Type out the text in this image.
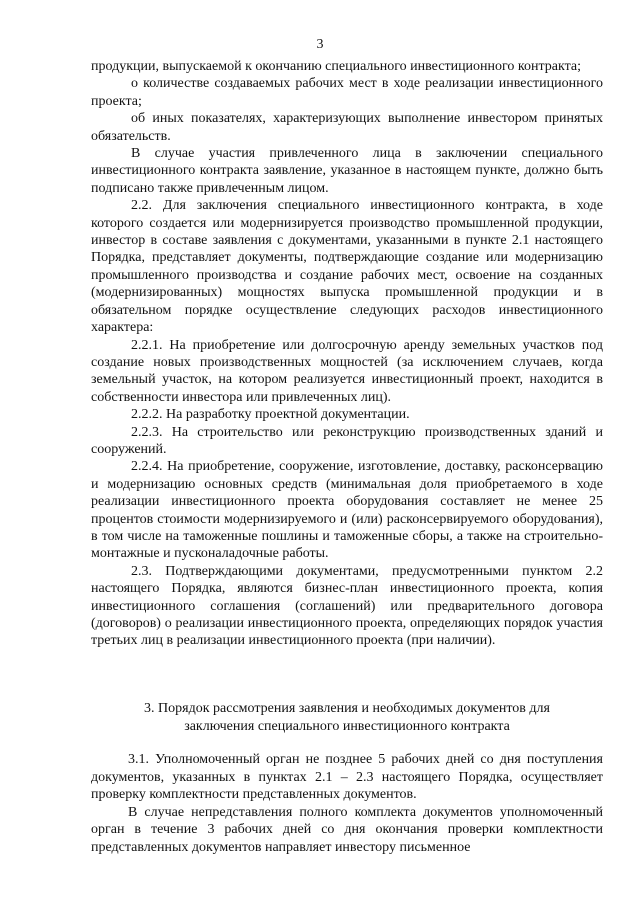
3

продукции, выпускаемой к окончанию специального инвестиционного контракта;

о количестве создаваемых рабочих мест в ходе реализации инвестиционного проекта;

об иных показателях, характеризующих выполнение инвестором принятых обязательств.

В случае участия привлеченного лица в заключении специального инвестиционного контракта заявление, указанное в настоящем пункте, должно быть подписано также привлеченным лицом.

2.2. Для заключения специального инвестиционного контракта, в ходе которого создается или модернизируется производство промышленной продукции, инвестор в составе заявления с документами, указанными в пункте 2.1 настоящего Порядка, представляет документы, подтверждающие создание или модернизацию промышленного производства и создание рабочих мест, освоение на созданных (модернизированных) мощностях выпуска промышленной продукции и в обязательном порядке осуществление следующих расходов инвестиционного характера:

2.2.1. На приобретение или долгосрочную аренду земельных участков под создание новых производственных мощностей (за исключением случаев, когда земельный участок, на котором реализуется инвестиционный проект, находится в собственности инвестора или привлеченных лиц).

2.2.2. На разработку проектной документации.

2.2.3. На строительство или реконструкцию производственных зданий и сооружений.

2.2.4. На приобретение, сооружение, изготовление, доставку, расконсервацию и модернизацию основных средств (минимальная доля приобретаемого в ходе реализации инвестиционного проекта оборудования составляет не менее 25 процентов стоимости модернизируемого и (или) расконсервируемого оборудования), в том числе на таможенные пошлины и таможенные сборы, а также на строительно-монтажные и пусконаладочные работы.

2.3. Подтверждающими документами, предусмотренными пунктом 2.2 настоящего Порядка, являются бизнес-план инвестиционного проекта, копия инвестиционного соглашения (соглашений) или предварительного договора (договоров) о реализации инвестиционного проекта, определяющих порядок участия третьих лиц в реализации инвестиционного проекта (при наличии).

3. Порядок рассмотрения заявления и необходимых документов для
заключения специального инвестиционного контракта

3.1. Уполномоченный орган не позднее 5 рабочих дней со дня поступления документов, указанных в пунктах 2.1 – 2.3 настоящего Порядка, осуществляет проверку комплектности представленных документов.

В случае непредставления полного комплекта документов уполномоченный орган в течение 3 рабочих дней со дня окончания проверки комплектности представленных документов направляет инвестору письменное
